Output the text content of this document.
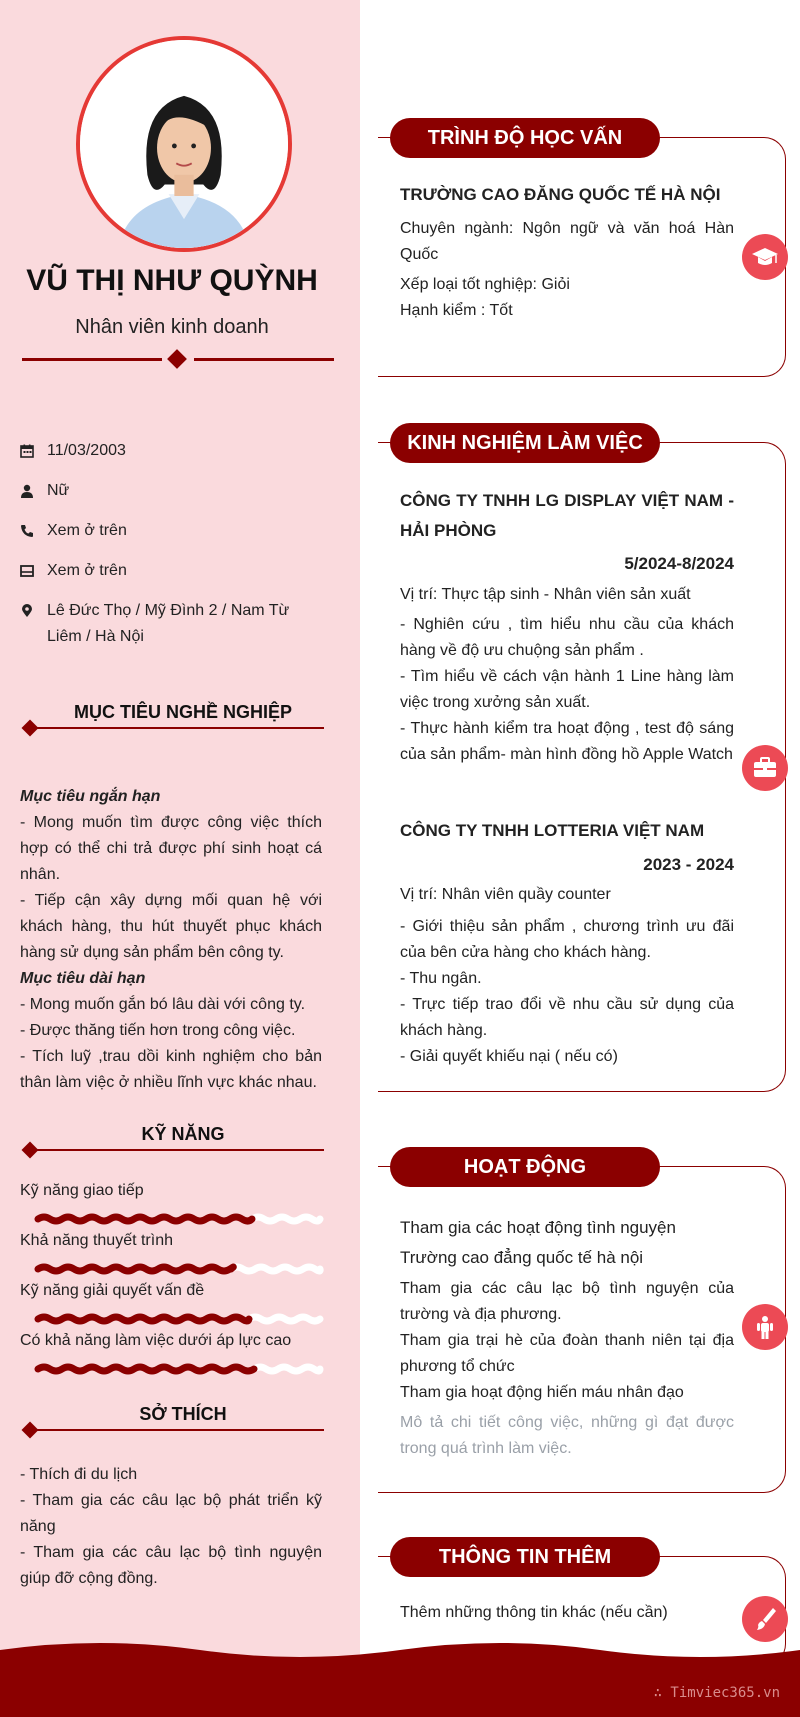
VŨ THỊ NHƯ QUỲNH
Nhân viên kinh doanh
11/03/2003
Nữ
Xem ở trên
Xem ở trên
Lê Đức Thọ / Mỹ Đình 2 / Nam Từ Liêm / Hà Nội
MỤC TIÊU NGHỀ NGHIỆP
Mục tiêu ngắn hạn
- Mong muốn tìm được công việc thích hợp có thể chi trả được phí sinh hoạt cá nhân.
- Tiếp cận xây dựng mối quan hệ với khách hàng, thu hút thuyết phục khách hàng sử dụng sản phẩm bên công ty.
Mục tiêu dài hạn
- Mong muốn gắn bó lâu dài với công ty.
- Được thăng tiến hơn trong công việc.
- Tích luỹ ,trau dồi kinh nghiệm cho bản thân làm việc ở nhiều lĩnh vực khác nhau.
KỸ NĂNG
Kỹ năng giao tiếp
Khả năng thuyết trình
Kỹ năng giải quyết vấn đề
Có khả năng làm việc dưới áp lực cao
SỞ THÍCH
- Thích đi du lịch
- Tham gia các câu lạc bộ phát triển kỹ năng
- Tham gia các câu lạc bộ tình nguyện giúp đỡ cộng đồng.
TRÌNH ĐỘ HỌC VẤN
TRƯỜNG CAO ĐĂNG QUỐC TẾ HÀ NỘI
Chuyên ngành: Ngôn ngữ và văn hoá Hàn Quốc
Xếp loại tốt nghiệp: Giỏi
Hạnh kiểm : Tốt
KINH NGHIỆM LÀM VIỆC
CÔNG TY TNHH LG DISPLAY VIỆT NAM - HẢI PHÒNG
5/2024-8/2024
Vị trí: Thực tập sinh - Nhân viên sản xuất
- Nghiên cứu , tìm hiểu nhu cầu của khách hàng về độ ưu chuộng sản phẩm .
- Tìm hiểu về cách vận hành 1 Line hàng làm việc trong xưởng sản xuất.
- Thực hành kiểm tra hoạt động , test độ sáng của sản phẩm- màn hình đồng hồ Apple Watch
CÔNG TY TNHH LOTTERIA VIỆT NAM
2023 - 2024
Vị trí: Nhân viên quầy counter
- Giới thiệu sản phẩm , chương trình ưu đãi của bên cửa hàng cho khách hàng.
- Thu ngân.
- Trực tiếp trao đổi về nhu cầu sử dụng của khách hàng.
- Giải quyết khiếu nại ( nếu có)
HOẠT ĐỘNG
Tham gia các hoạt động tình nguyện
Trường cao đẳng quốc tế hà nội
Tham gia các câu lạc bộ tình nguyện của trường và địa phương.
Tham gia trại hè của đoàn thanh niên tại địa phương tổ chức
Tham gia hoạt động hiến máu nhân đạo
Mô tả chi tiết công việc, những gì đạt được trong quá trình làm việc.
THÔNG TIN THÊM
Thêm những thông tin khác (nếu cần)
∴ Timviec365.vn
